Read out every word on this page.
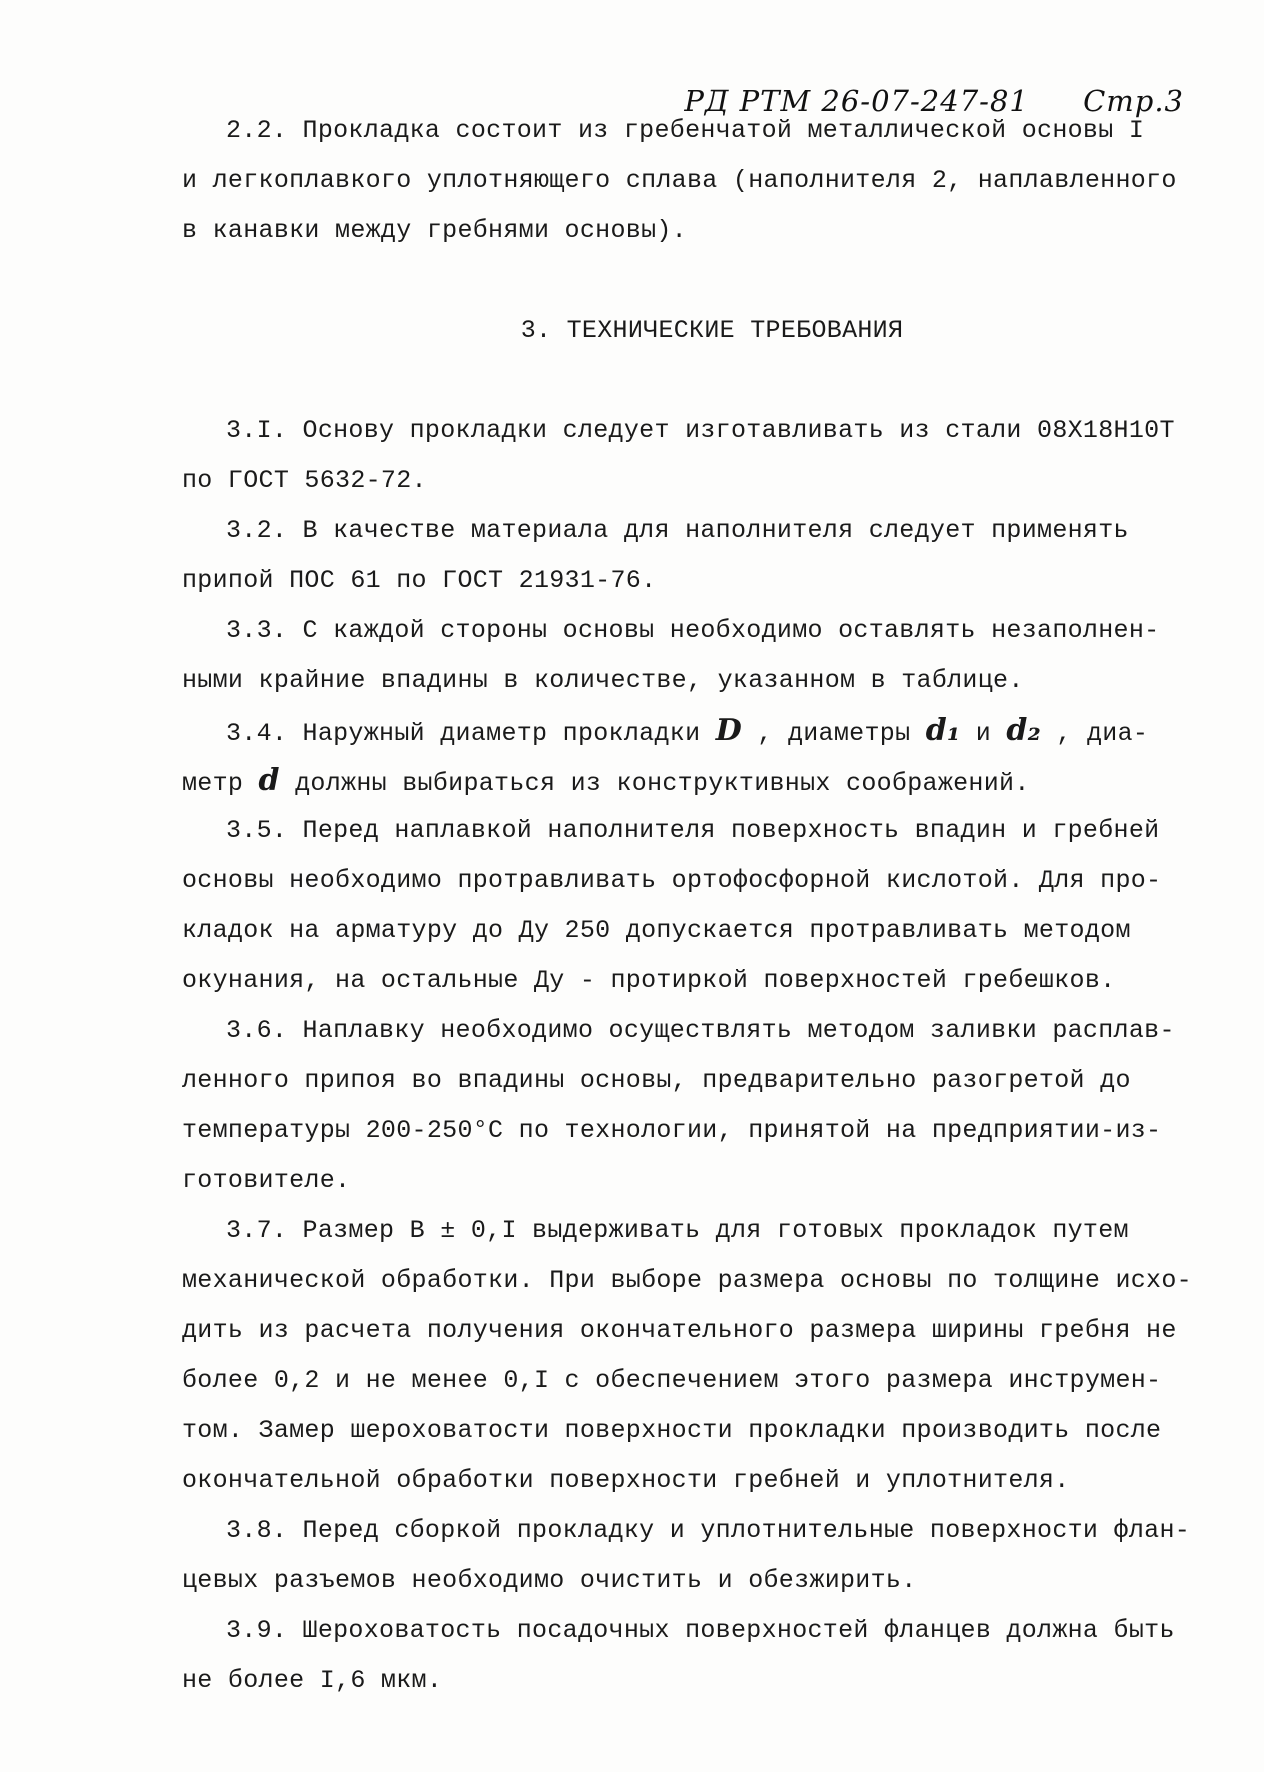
РД РТМ 26-07-247-81 Стр.3
2.2. Прокладка состоит из гребенчатой металлической основы I
и легкоплавкого уплотняющего сплава (наполнителя 2, наплавленного
в канавки между гребнями основы).
3. ТЕХНИЧЕСКИЕ ТРЕБОВАНИЯ
3.I. Основу прокладки следует изготавливать из стали 08Х18Н10Т
по ГОСТ 5632-72.
3.2. В качестве материала для наполнителя следует применять
припой ПОС 61 по ГОСТ 21931-76.
3.3. С каждой стороны основы необходимо оставлять незаполнен-
ными крайние впадины в количестве, указанном в таблице.
3.4. Наружный диаметр прокладки D , диаметры d₁ и d₂ , диа-
метр d должны выбираться из конструктивных соображений.
3.5. Перед наплавкой наполнителя поверхность впадин и гребней
основы необходимо протравливать ортофосфорной кислотой. Для про-
кладок на арматуру до Ду 250 допускается протравливать методом
окунания, на остальные Ду - протиркой поверхностей гребешков.
3.6. Наплавку необходимо осуществлять методом заливки расплав-
ленного припоя во впадины основы, предварительно разогретой до
температуры 200-250°С по технологии, принятой на предприятии-из-
готовителе.
3.7. Размер В ± 0,I выдерживать для готовых прокладок путем
механической обработки. При выборе размера основы по толщине исхо-
дить из расчета получения окончательного размера ширины гребня не
более 0,2 и не менее 0,I с обеспечением этого размера инструмен-
том. Замер шероховатости поверхности прокладки производить после
окончательной обработки поверхности гребней и уплотнителя.
3.8. Перед сборкой прокладку и уплотнительные поверхности флан-
цевых разъемов необходимо очистить и обезжирить.
3.9. Шероховатость посадочных поверхностей фланцев должна быть
не более I,6 мкм.
